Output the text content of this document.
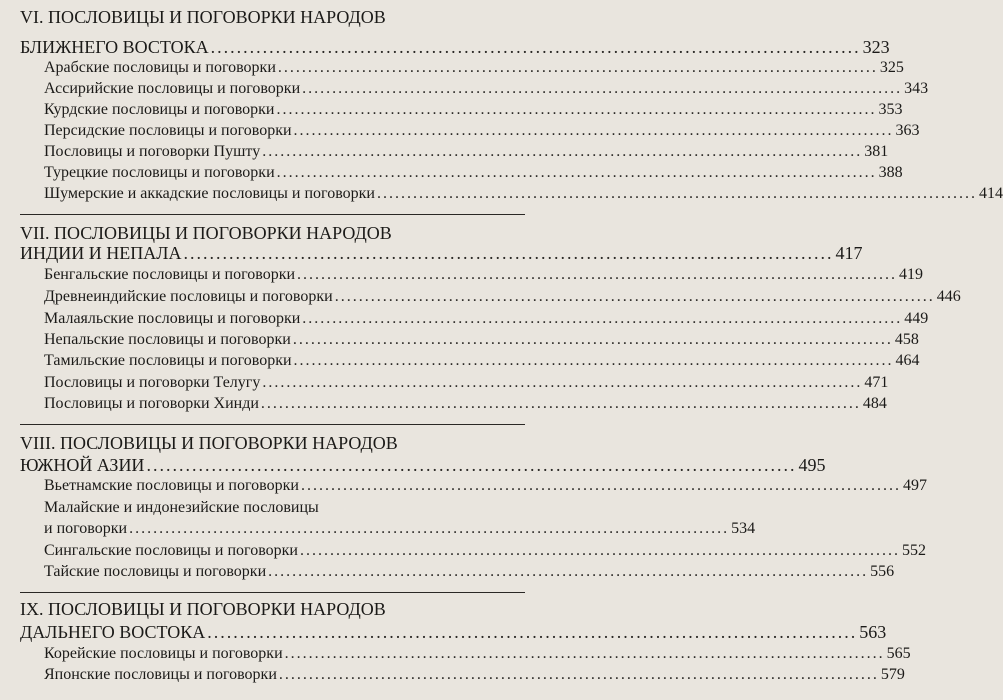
VI. ПОСЛОВИЦЫ И ПОГОВОРКИ НАРОДОВ
БЛИЖНЕГО ВОСТОКА .................................................................................................... 323
Арабские пословицы и поговорки .................................................................................................... 325
Ассирийские пословицы и поговорки .................................................................................................... 343
Курдские пословицы и поговорки .................................................................................................... 353
Персидские пословицы и поговорки .................................................................................................... 363
Пословицы и поговорки Пушту .................................................................................................... 381
Турецкие пословицы и поговорки .................................................................................................... 388
Шумерские и аккадские пословицы и поговорки .................................................................................................... 414
VII. ПОСЛОВИЦЫ И ПОГОВОРКИ НАРОДОВ
ИНДИИ И НЕПАЛА .................................................................................................... 417
Бенгальские пословицы и поговорки .................................................................................................... 419
Древнеиндийские пословицы и поговорки .................................................................................................... 446
Малаяльские пословицы и поговорки .................................................................................................... 449
Непальские пословицы и поговорки .................................................................................................... 458
Тамильские пословицы и поговорки .................................................................................................... 464
Пословицы и поговорки Телугу .................................................................................................... 471
Пословицы и поговорки Хинди .................................................................................................... 484
VIII. ПОСЛОВИЦЫ И ПОГОВОРКИ НАРОДОВ
ЮЖНОЙ АЗИИ .................................................................................................... 495
Вьетнамские пословицы и поговорки .................................................................................................... 497
Малайские и индонезийские пословицы
и поговорки .................................................................................................... 534
Сингальские пословицы и поговорки .................................................................................................... 552
Тайские пословицы и поговорки .................................................................................................... 556
IX. ПОСЛОВИЦЫ И ПОГОВОРКИ НАРОДОВ
ДАЛЬНЕГО ВОСТОКА .................................................................................................... 563
Корейские пословицы и поговорки .................................................................................................... 565
Японские пословицы и поговорки .................................................................................................... 579
